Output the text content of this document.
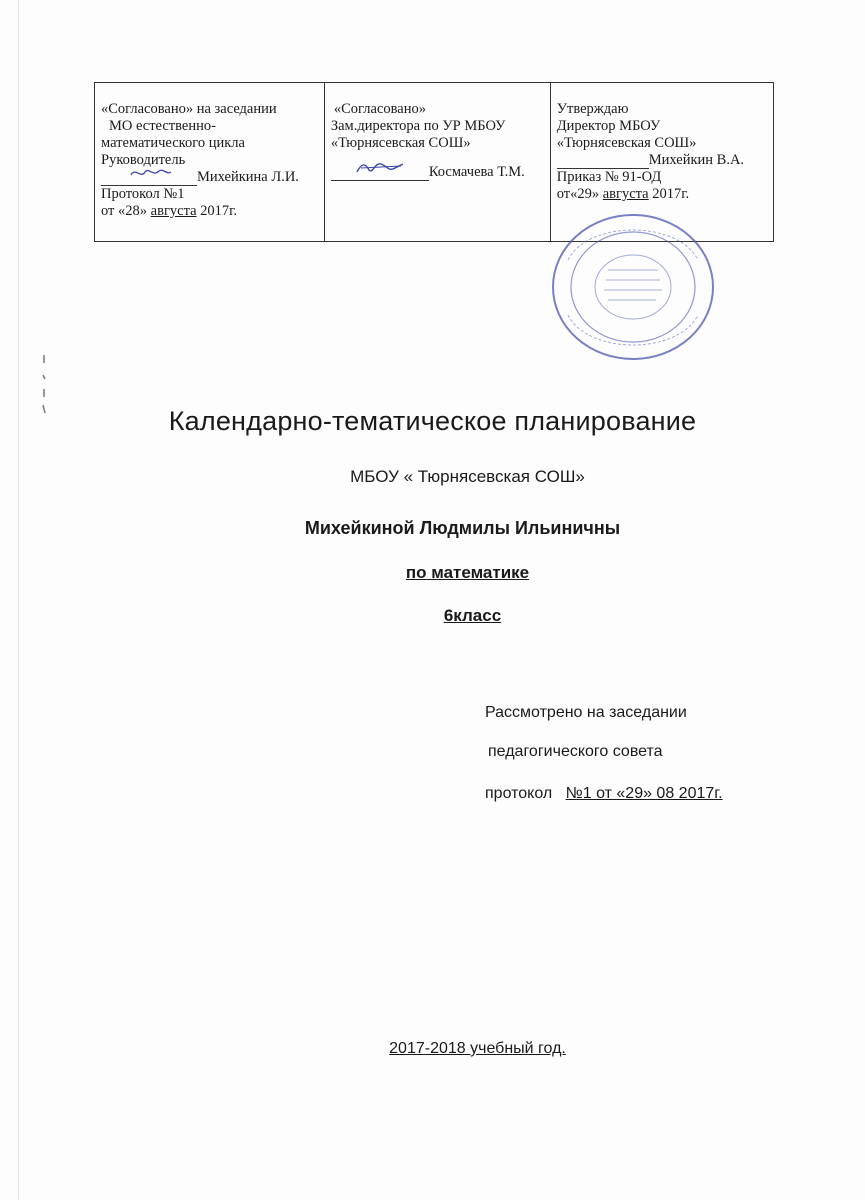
«Согласовано» на заседании
МО естественно-
математического цикла
Руководитель
Михейкина Л.И.
Протокол №1
от «28» августа 2017г.

«Согласовано»
Зам.директора по УР МБОУ
«Тюрнясевская СОШ»
Космачева Т.М.

Утверждаю
Директор МБОУ
«Тюрнясевская СОШ»
Михейкин В.А.
Приказ № 91-ОД
от«29» августа 2017г.
Календарно-тематическое планирование
МБОУ « Тюрнясевская СОШ»
Михейкиной Людмилы Ильиничны
по математике
6класс
Рассмотрено на заседании
педагогического совета
протокол №1 от «29» 08 2017г.
2017-2018 учебный год.
